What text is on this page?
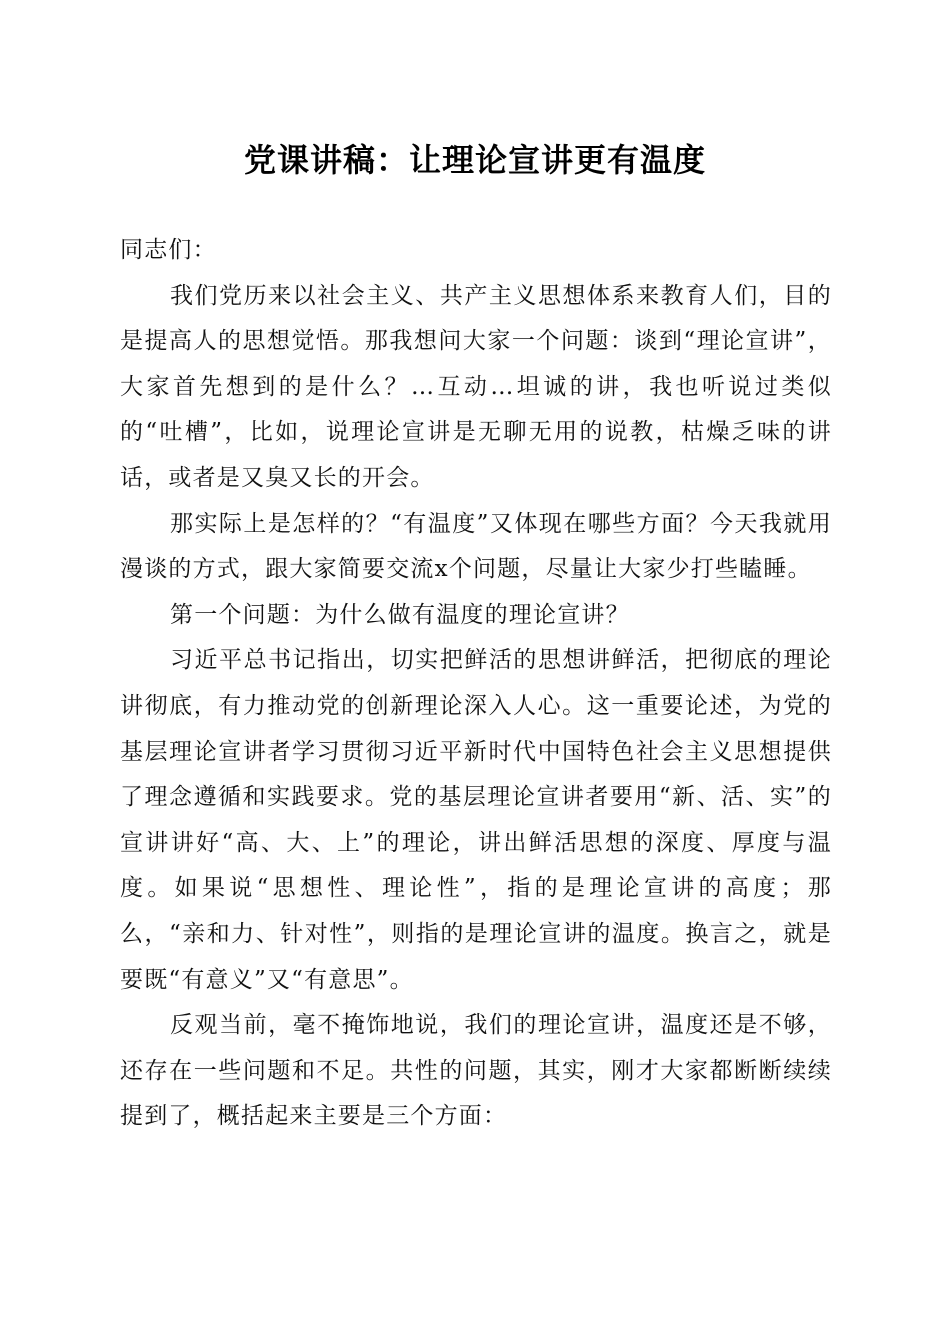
党课讲稿：让理论宣讲更有温度

同志们：

我们党历来以社会主义、共产主义思想体系来教育人们，目的是提高人的思想觉悟。那我想问大家一个问题：谈到“理论宣讲”，大家首先想到的是什么？…互动…坦诚的讲，我也听说过类似的“吐槽”，比如，说理论宣讲是无聊无用的说教，枯燥乏味的讲话，或者是又臭又长的开会。

那实际上是怎样的？“有温度”又体现在哪些方面？今天我就用漫谈的方式，跟大家简要交流x个问题，尽量让大家少打些瞌睡。

第一个问题：为什么做有温度的理论宣讲？

习近平总书记指出，切实把鲜活的思想讲鲜活，把彻底的理论讲彻底，有力推动党的创新理论深入人心。这一重要论述，为党的基层理论宣讲者学习贯彻习近平新时代中国特色社会主义思想提供了理念遵循和实践要求。党的基层理论宣讲者要用“新、活、实”的宣讲讲好“高、大、上”的理论，讲出鲜活思想的深度、厚度与温度。如果说“思想性、理论性”，指的是理论宣讲的高度；那么，“亲和力、针对性”，则指的是理论宣讲的温度。换言之，就是要既“有意义”又“有意思”。

反观当前，毫不掩饰地说，我们的理论宣讲，温度还是不够，还存在一些问题和不足。共性的问题，其实，刚才大家都断断续续提到了，概括起来主要是三个方面：
